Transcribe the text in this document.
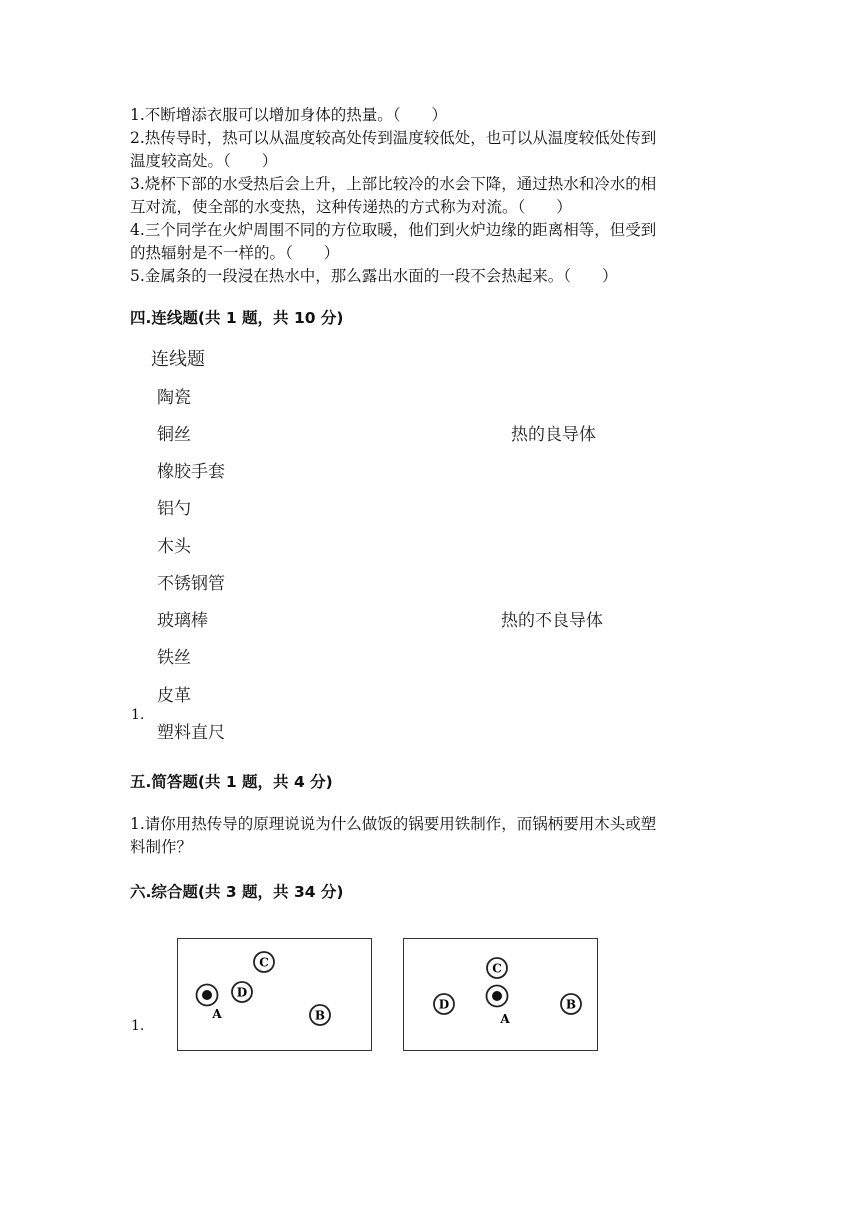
1.不断增添衣服可以增加身体的热量。（　　）
2.热传导时，热可以从温度较高处传到温度较低处，也可以从温度较低处传到
温度较高处。（　　）
3.烧杯下部的水受热后会上升，上部比较冷的水会下降，通过热水和冷水的相
互对流，使全部的水变热，这种传递热的方式称为对流。（　　）
4.三个同学在火炉周围不同的方位取暖，他们到火炉边缘的距离相等，但受到
的热辐射是不一样的。（　　）
5.金属条的一段浸在热水中，那么露出水面的一段不会热起来。（　　）
四.连线题(共 1 题，共 10 分)
连线题
陶瓷
铜丝
橡胶手套
铝勺
木头
不锈钢管
玻璃棒
铁丝
皮革
塑料直尺
热的良导体
热的不良导体
1.
五.简答题(共 1 题，共 4 分)
1.请你用热传导的原理说说为什么做饭的锅要用铁制作，而锅柄要用木头或塑
料制作？
六.综合题(共 3 题，共 34 分)
1.
C
A
D
B
C
A
D	B
